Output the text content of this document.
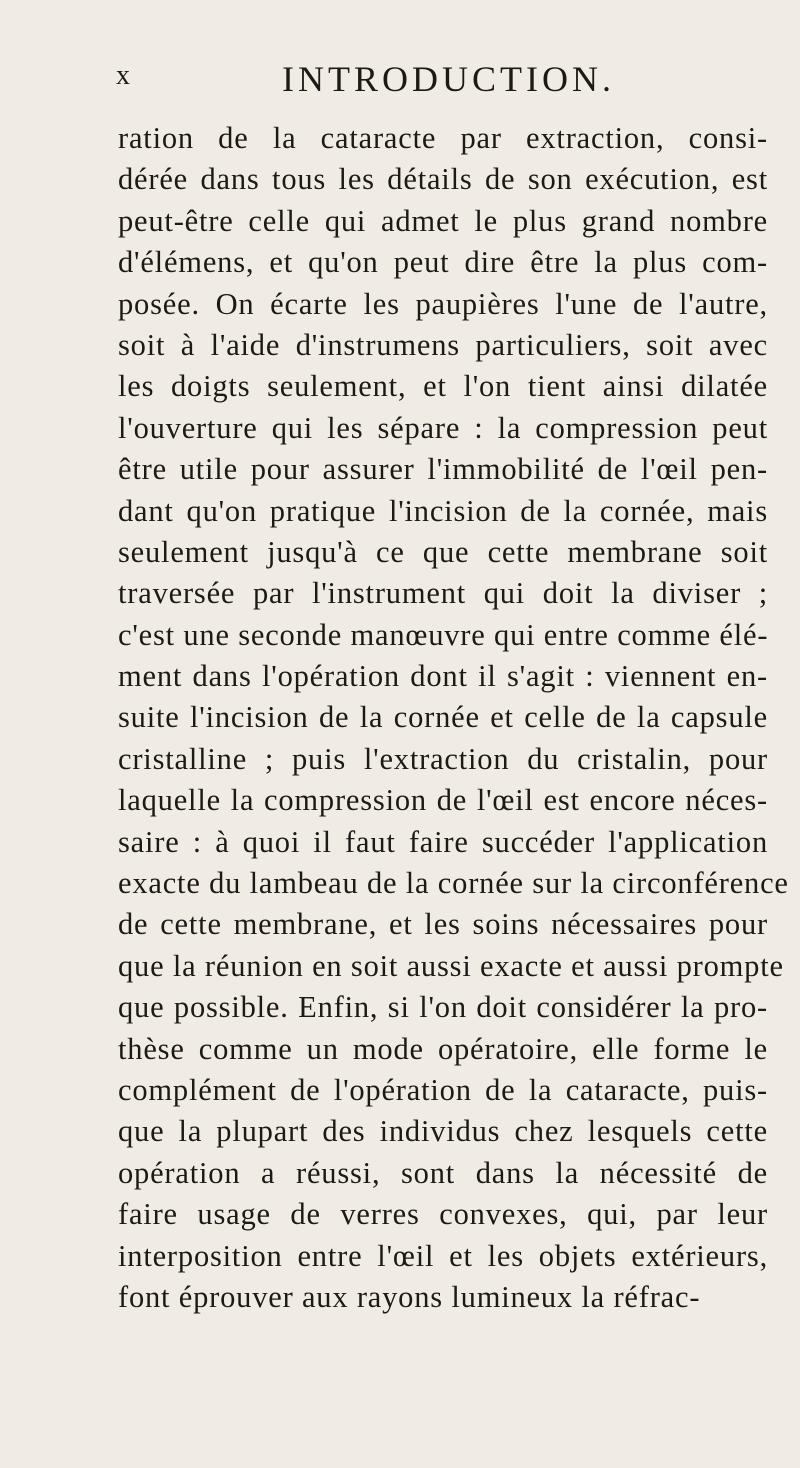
x	INTRODUCTION.
ration de la cataracte par extraction, consi-
dérée dans tous les détails de son exécution, est
peut-être celle qui admet le plus grand nombre
d'élémens, et qu'on peut dire être la plus com-
posée. On écarte les paupières l'une de l'autre,
soit à l'aide d'instrumens particuliers, soit avec
les doigts seulement, et l'on tient ainsi dilatée
l'ouverture qui les sépare : la compression peut
être utile pour assurer l'immobilité de l'œil pen-
dant qu'on pratique l'incision de la cornée, mais
seulement jusqu'à ce que cette membrane soit
traversée par l'instrument qui doit la diviser ;
c'est une seconde manœuvre qui entre comme élé-
ment dans l'opération dont il s'agit : viennent en-
suite l'incision de la cornée et celle de la capsule
cristalline ; puis l'extraction du cristalin, pour
laquelle la compression de l'œil est encore néces-
saire : à quoi il faut faire succéder l'application
exacte du lambeau de la cornée sur la circonférence
de cette membrane, et les soins nécessaires pour
que la réunion en soit aussi exacte et aussi prompte
que possible. Enfin, si l'on doit considérer la pro-
thèse comme un mode opératoire, elle forme le
complément de l'opération de la cataracte, puis-
que la plupart des individus chez lesquels cette
opération a réussi, sont dans la nécessité de
faire usage de verres convexes, qui, par leur
interposition entre l'œil et les objets extérieurs,
font éprouver aux rayons lumineux la réfrac-
